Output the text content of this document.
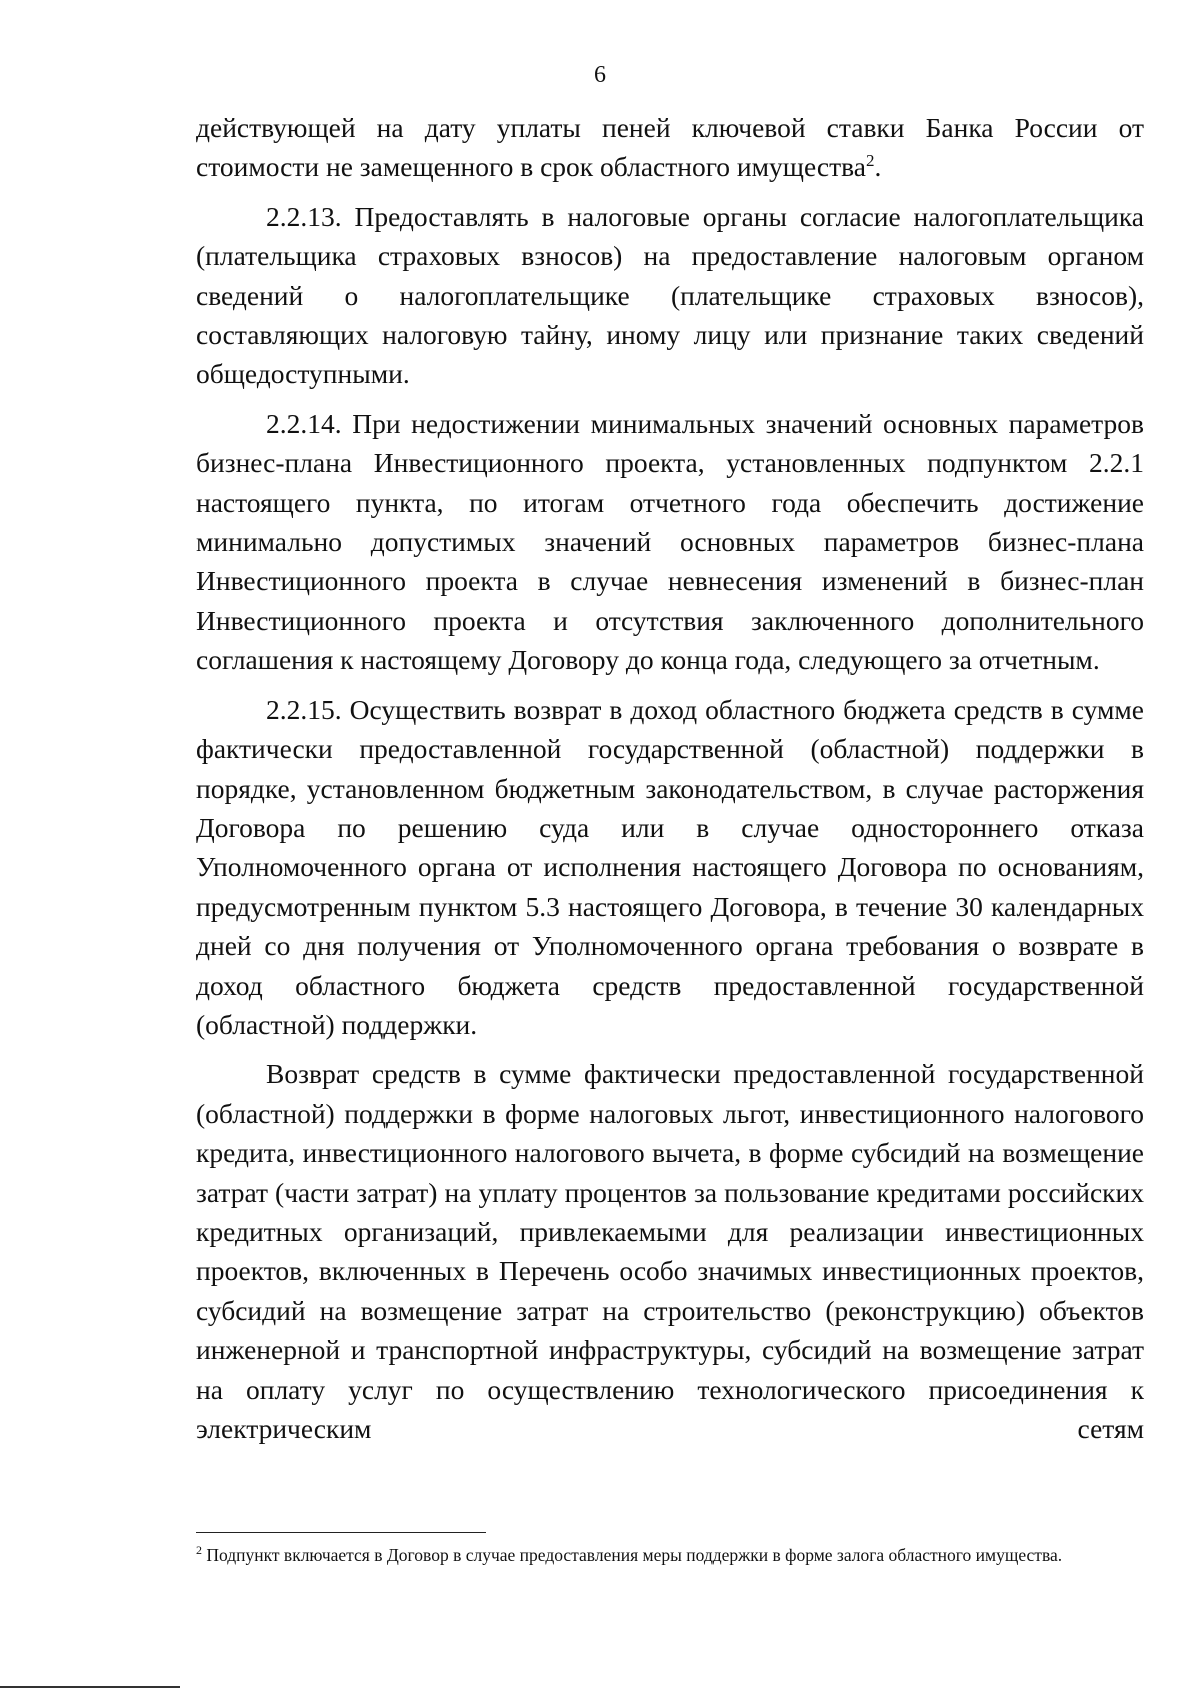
6

действующей на дату уплаты пеней ключевой ставки Банка России от стоимости не замещенного в срок областного имущества$^2$.

2.2.13. Предоставлять в налоговые органы согласие налогоплательщика (плательщика страховых взносов) на предоставление налоговым органом сведений о налогоплательщике (плательщике страховых взносов), составляющих налоговую тайну, иному лицу или признание таких сведений общедоступными.

2.2.14. При недостижении минимальных значений основных параметров бизнес-плана Инвестиционного проекта, установленных подпунктом 2.2.1 настоящего пункта, по итогам отчетного года обеспечить достижение минимально допустимых значений основных параметров бизнес-плана Инвестиционного проекта в случае невнесения изменений в бизнес-план Инвестиционного проекта и отсутствия заключенного дополнительного соглашения к настоящему Договору до конца года, следующего за отчетным.

2.2.15. Осуществить возврат в доход областного бюджета средств в сумме фактически предоставленной государственной (областной) поддержки в порядке, установленном бюджетным законодательством, в случае расторжения Договора по решению суда или в случае одностороннего отказа Уполномоченного органа от исполнения настоящего Договора по основаниям, предусмотренным пунктом 5.3 настоящего Договора, в течение 30 календарных дней со дня получения от Уполномоченного органа требования о возврате в доход областного бюджета средств предоставленной государственной (областной) поддержки.

Возврат средств в сумме фактически предоставленной государственной (областной) поддержки в форме налоговых льгот, инвестиционного налогового кредита, инвестиционного налогового вычета, в форме субсидий на возмещение затрат (части затрат) на уплату процентов за пользование кредитами российских кредитных организаций, привлекаемыми для реализации инвестиционных проектов, включенных в Перечень особо значимых инвестиционных проектов, субсидий на возмещение затрат на строительство (реконструкцию) объектов инженерной и транспортной инфраструктуры, субсидий на возмещение затрат на оплату услуг по осуществлению технологического присоединения к электрическим сетям

$^2$ Подпункт включается в Договор в случае предоставления меры поддержки в форме залога областного имущества.
